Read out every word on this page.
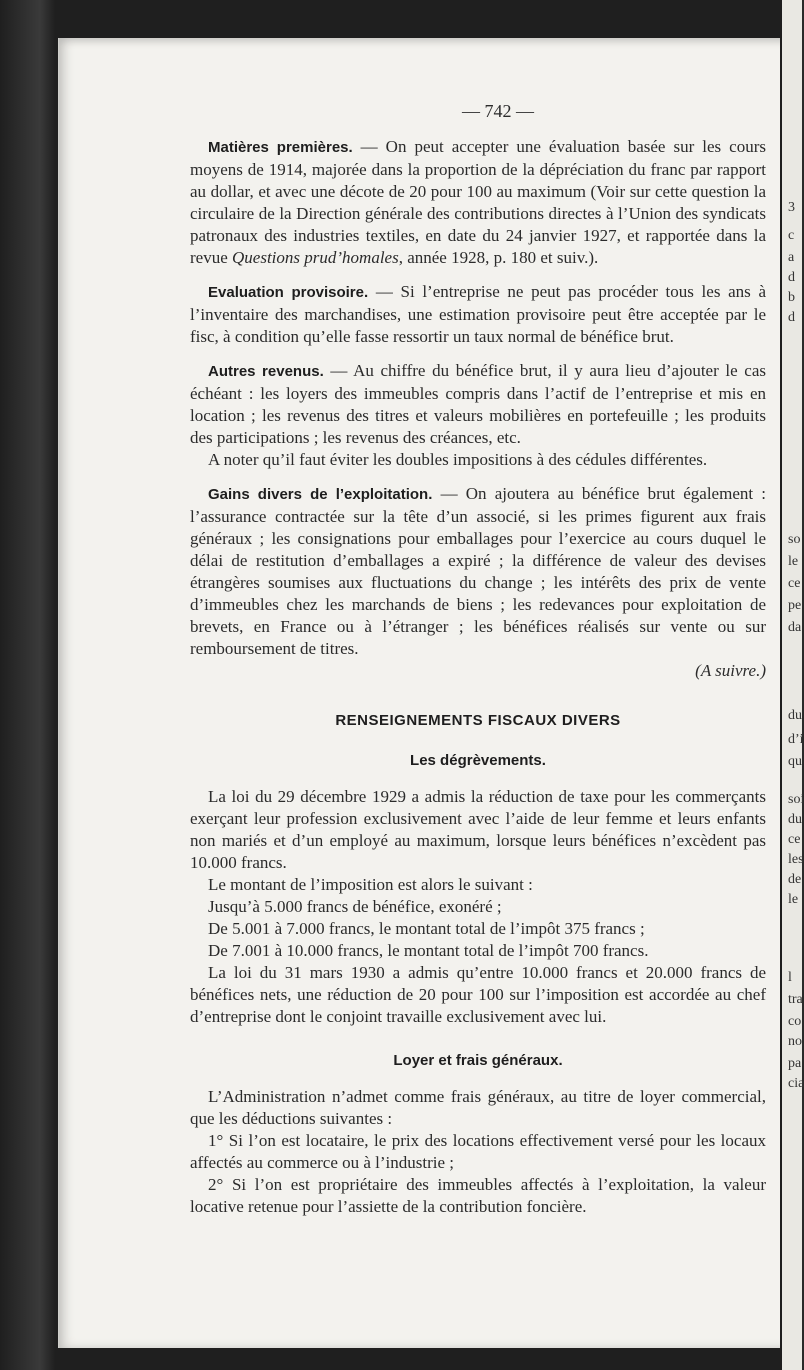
3
c
a
d
b
d
so
le
ce
pe
da
du
d’i
qu
soi
du
ce
les
de
le
l
tra
co
no
pa
cia
— 742 —

Matières premières. — On peut accepter une évaluation basée sur les cours moyens de 1914, majorée dans la proportion de la dépréciation du franc par rapport au dollar, et avec une décote de 20 pour 100 au maximum (Voir sur cette question la circulaire de la Direction générale des contributions directes à l’Union des syndicats patronaux des industries textiles, en date du 24 janvier 1927, et rapportée dans la revue Questions prud’homales, année 1928, p. 180 et suiv.).

Evaluation provisoire. — Si l’entreprise ne peut pas procéder tous les ans à l’inventaire des marchandises, une estimation provisoire peut être acceptée par le fisc, à condition qu’elle fasse ressortir un taux normal de bénéfice brut.

Autres revenus. — Au chiffre du bénéfice brut, il y aura lieu d’ajouter le cas échéant : les loyers des immeubles compris dans l’actif de l’entreprise et mis en location ; les revenus des titres et valeurs mobilières en portefeuille ; les produits des participations ; les revenus des créances, etc.

A noter qu’il faut éviter les doubles impositions à des cédules différentes.

Gains divers de l’exploitation. — On ajoutera au bénéfice brut également : l’assurance contractée sur la tête d’un associé, si les primes figurent aux frais généraux ; les consignations pour emballages pour l’exercice au cours duquel le délai de restitution d’emballages a expiré ; la différence de valeur des devises étrangères soumises aux fluctuations du change ; les intérêts des prix de vente d’immeubles chez les marchands de biens ; les redevances pour exploitation de brevets, en France ou à l’étranger ; les bénéfices réalisés sur vente ou sur remboursement de titres.

(A suivre.)

RENSEIGNEMENTS FISCAUX DIVERS
Les dégrèvements.

La loi du 29 décembre 1929 a admis la réduction de taxe pour les commerçants exerçant leur profession exclusivement avec l’aide de leur femme et leurs enfants non mariés et d’un employé au maximum, lorsque leurs bénéfices n’excèdent pas 10.000 francs.

Le montant de l’imposition est alors le suivant :

Jusqu’à 5.000 francs de bénéfice, exonéré ;

De 5.001 à 7.000 francs, le montant total de l’impôt 375 francs ;

De 7.001 à 10.000 francs, le montant total de l’impôt 700 francs.

La loi du 31 mars 1930 a admis qu’entre 10.000 francs et 20.000 francs de bénéfices nets, une réduction de 20 pour 100 sur l’imposition est accordée au chef d’entreprise dont le conjoint travaille exclusivement avec lui.

Loyer et frais généraux.

L’Administration n’admet comme frais généraux, au titre de loyer commercial, que les déductions suivantes :

1° Si l’on est locataire, le prix des locations effectivement versé pour les locaux affectés au commerce ou à l’industrie ;

2° Si l’on est propriétaire des immeubles affectés à l’exploitation, la valeur locative retenue pour l’assiette de la contribution foncière.
